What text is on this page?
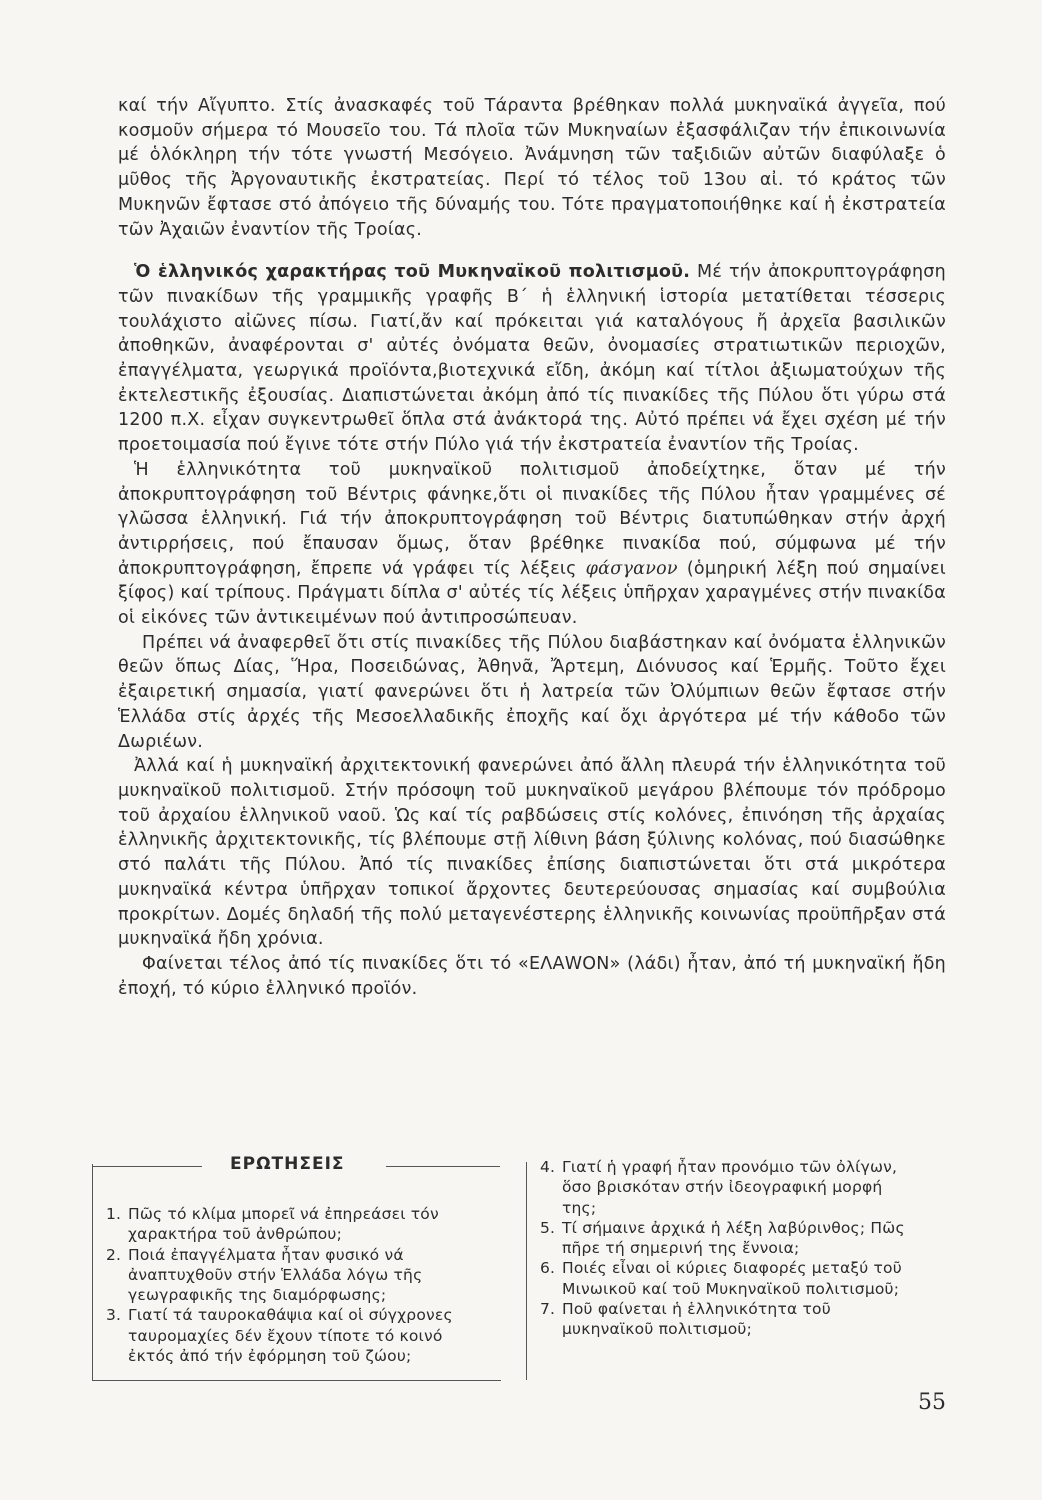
καί τήν Αἴγυπτο. Στίς ἀνασκαφές τοῦ Τάραντα βρέθηκαν πολλά μυκηναϊκά ἀγγεῖα, πού κοσμοῦν σήμερα τό Μουσεῖο του. Τά πλοῖα τῶν Μυκηναίων ἐξασφάλιζαν τήν ἐπικοινωνία μέ ὁλόκληρη τήν τότε γνωστή Μεσόγειο. Ἀνάμνηση τῶν ταξιδιῶν αὐτῶν διαφύλαξε ὁ μῦθος τῆς Ἀργοναυτικῆς ἐκστρατείας. Περί τό τέλος τοῦ 13ου αἰ. τό κράτος τῶν Μυκηνῶν ἔφτασε στό ἀπόγειο τῆς δύναμής του. Τότε πραγματοποιήθηκε καί ἡ ἐκστρατεία τῶν Ἀχαιῶν ἐναντίον τῆς Τροίας.

Ὁ ἑλληνικός χαρακτήρας τοῦ Μυκηναϊκοῦ πολιτισμοῦ. Μέ τήν ἀποκρυπτογράφηση τῶν πινακίδων τῆς γραμμικῆς γραφῆς Β΄ ἡ ἑλληνική ἱστορία μετατίθεται τέσσερις τουλάχιστο αἰῶνες πίσω. Γιατί,ἄν καί πρόκειται γιά καταλόγους ἤ ἀρχεῖα βασιλικῶν ἀποθηκῶν, ἀναφέρονται σ' αὐτές ὀνόματα θεῶν, ὀνομασίες στρατιωτικῶν περιοχῶν, ἐπαγγέλματα, γεωργικά προϊόντα,βιοτεχνικά εἴδη, ἀκόμη καί τίτλοι ἀξιωματούχων τῆς ἐκτελεστικῆς ἐξουσίας. Διαπιστώνεται ἀκόμη ἀπό τίς πινακίδες τῆς Πύλου ὅτι γύρω στά 1200 π.Χ. εἶχαν συγκεντρωθεῖ ὅπλα στά ἀνάκτορά της. Αὐτό πρέπει νά ἔχει σχέση μέ τήν προετοιμασία πού ἔγινε τότε στήν Πύλο γιά τήν ἐκστρατεία ἐναντίον τῆς Τροίας.

Ἡ ἑλληνικότητα τοῦ μυκηναϊκοῦ πολιτισμοῦ ἀποδείχτηκε, ὅταν μέ τήν ἀποκρυπτογράφηση τοῦ Βέντρις φάνηκε,ὅτι οἱ πινακίδες τῆς Πύλου ἦταν γραμμένες σέ γλῶσσα ἑλληνική. Γιά τήν ἀποκρυπτογράφηση τοῦ Βέντρις διατυπώθηκαν στήν ἀρχή ἀντιρρήσεις, πού ἔπαυσαν ὅμως, ὅταν βρέθηκε πινακίδα πού, σύμφωνα μέ τήν ἀποκρυπτογράφηση, ἔπρεπε νά γράφει τίς λέξεις φάσγανον (ὁμηρική λέξη πού σημαίνει ξίφος) καί τρίπους. Πράγματι δίπλα σ' αὐτές τίς λέξεις ὑπῆρχαν χαραγμένες στήν πινακίδα οἱ εἰκόνες τῶν ἀντικειμένων πού ἀντιπροσώπευαν.

Πρέπει νά ἀναφερθεῖ ὅτι στίς πινακίδες τῆς Πύλου διαβάστηκαν καί ὀνόματα ἑλληνικῶν θεῶν ὅπως Δίας, Ἥρα, Ποσειδώνας, Ἀθηνᾶ, Ἄρτεμη, Διόνυσος καί Ἑρμῆς. Τοῦτο ἔχει ἐξαιρετική σημασία, γιατί φανερώνει ὅτι ἡ λατρεία τῶν Ὀλύμπιων θεῶν ἔφτασε στήν Ἑλλάδα στίς ἀρχές τῆς Μεσοελλαδικῆς ἐποχῆς καί ὄχι ἀργότερα μέ τήν κάθοδο τῶν Δωριέων.

Ἀλλά καί ἡ μυκηναϊκή ἀρχιτεκτονική φανερώνει ἀπό ἄλλη πλευρά τήν ἑλληνικότητα τοῦ μυκηναϊκοῦ πολιτισμοῦ. Στήν πρόσοψη τοῦ μυκηναϊκοῦ μεγάρου βλέπουμε τόν πρόδρομο τοῦ ἀρχαίου ἑλληνικοῦ ναοῦ. Ὡς καί τίς ραβδώσεις στίς κολόνες, ἐπινόηση τῆς ἀρχαίας ἑλληνικῆς ἀρχιτεκτονικῆς, τίς βλέπουμε στῇ λίθινη βάση ξύλινης κολόνας, πού διασώθηκε στό παλάτι τῆς Πύλου. Ἀπό τίς πινακίδες ἐπίσης διαπιστώνεται ὅτι στά μικρότερα μυκηναϊκά κέντρα ὑπῆρχαν τοπικοί ἄρχοντες δευτερεύουσας σημασίας καί συμβούλια προκρίτων. Δομές δηλαδή τῆς πολύ μεταγενέστερης ἑλληνικῆς κοινωνίας προϋπῆρξαν στά μυκηναϊκά ἤδη χρόνια.

Φαίνεται τέλος ἀπό τίς πινακίδες ὅτι τό «ΕΛΑWON» (λάδι) ἦταν, ἀπό τή μυκηναϊκή ἤδη ἐποχή, τό κύριο ἑλληνικό προϊόν.

ΕΡΩΤΗΣΕΙΣ
1. Πῶς τό κλίμα μπορεῖ νά ἐπηρεάσει τόν χαρακτήρα τοῦ ἀνθρώπου;
2. Ποιά ἐπαγγέλματα ἦταν φυσικό νά ἀναπτυχθοῦν στήν Ἑλλάδα λόγω τῆς γεωγραφικῆς της διαμόρφωσης;
3. Γιατί τά ταυροκαθάψια καί οἱ σύγχρονες ταυρομαχίες δέν ἔχουν τίποτε τό κοινό ἐκτός ἀπό τήν ἐφόρμηση τοῦ ζώου;
4. Γιατί ἡ γραφή ἦταν προνόμιο τῶν ὀλίγων, ὅσο βρισκόταν στήν ἰδεογραφική μορφή της;
5. Τί σήμαινε ἀρχικά ἡ λέξη λαβύρινθος; Πῶς πῆρε τή σημερινή της ἔννοια;
6. Ποιές εἶναι οἱ κύριες διαφορές μεταξύ τοῦ Μινωικοῦ καί τοῦ Μυκηναϊκοῦ πολιτισμοῦ;
7. Ποῦ φαίνεται ἡ ἑλληνικότητα τοῦ μυκηναϊκοῦ πολιτισμοῦ;
55
